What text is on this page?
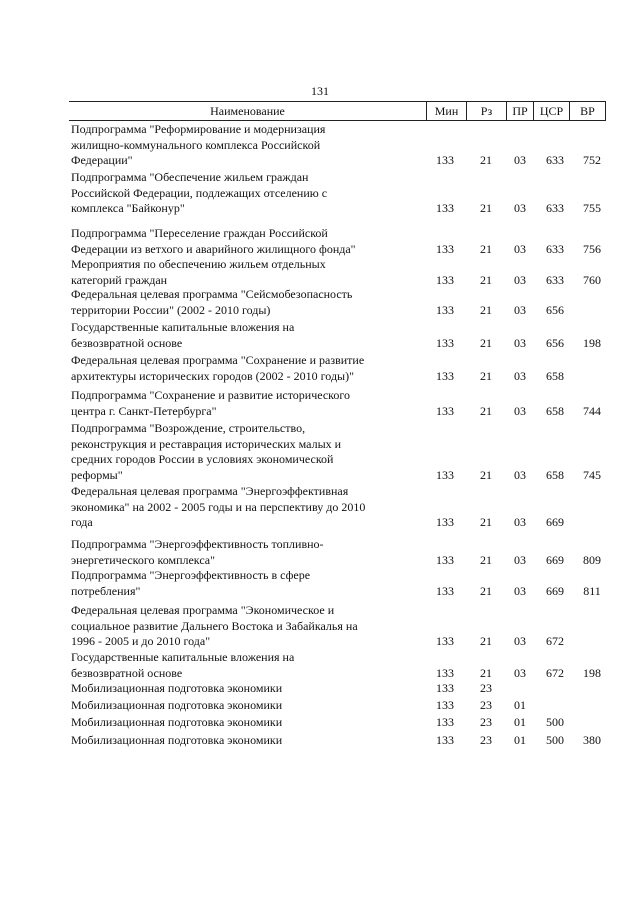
131
Наименование	Мин	Рз	ПР	ЦСР	ВР

Подпрограмма "Реформирование и модернизация
жилищно-коммунального комплекса Российской
Федерации"	133	21	03	633	752

Подпрограмма "Обеспечение жильем граждан
Российской Федерации, подлежащих отселению с
комплекса "Байконур"	133	21	03	633	755

Подпрограмма "Переселение граждан Российской
Федерации из ветхого и аварийного жилищного фонда"	133	21	03	633	756

Мероприятия по обеспечению жильем отдельных
категорий граждан	133	21	03	633	760

Федеральная целевая программа "Сейсмобезопасность
территории России" (2002 - 2010 годы)	133	21	03	656

Государственные капитальные вложения на
безвозвратной основе	133	21	03	656	198

Федеральная целевая программа "Сохранение и развитие
архитектуры исторических городов (2002 - 2010 годы)"	133	21	03	658

Подпрограмма "Сохранение и развитие исторического
центра г. Санкт-Петербурга"	133	21	03	658	744

Подпрограмма "Возрождение, строительство,
реконструкция и реставрация исторических малых и
средних городов России в условиях экономической
реформы"	133	21	03	658	745

Федеральная целевая программа "Энергоэффективная
экономика" на 2002 - 2005 годы и на перспективу до 2010
года	133	21	03	669

Подпрограмма "Энергоэффективность топливно-
энергетического комплекса"	133	21	03	669	809

Подпрограмма "Энергоэффективность в сфере
потребления"	133	21	03	669	811

Федеральная целевая программа "Экономическое и
социальное развитие Дальнего Востока и Забайкалья на
1996 - 2005 и до 2010 года"	133	21	03	672

Государственные капитальные вложения на
безвозвратной основе	133	21	03	672	198

Мобилизационная подготовка экономики	133	23

Мобилизационная подготовка экономики	133	23	01

Мобилизационная подготовка экономики	133	23	01	500

Мобилизационная подготовка экономики	133	23	01	500	380
